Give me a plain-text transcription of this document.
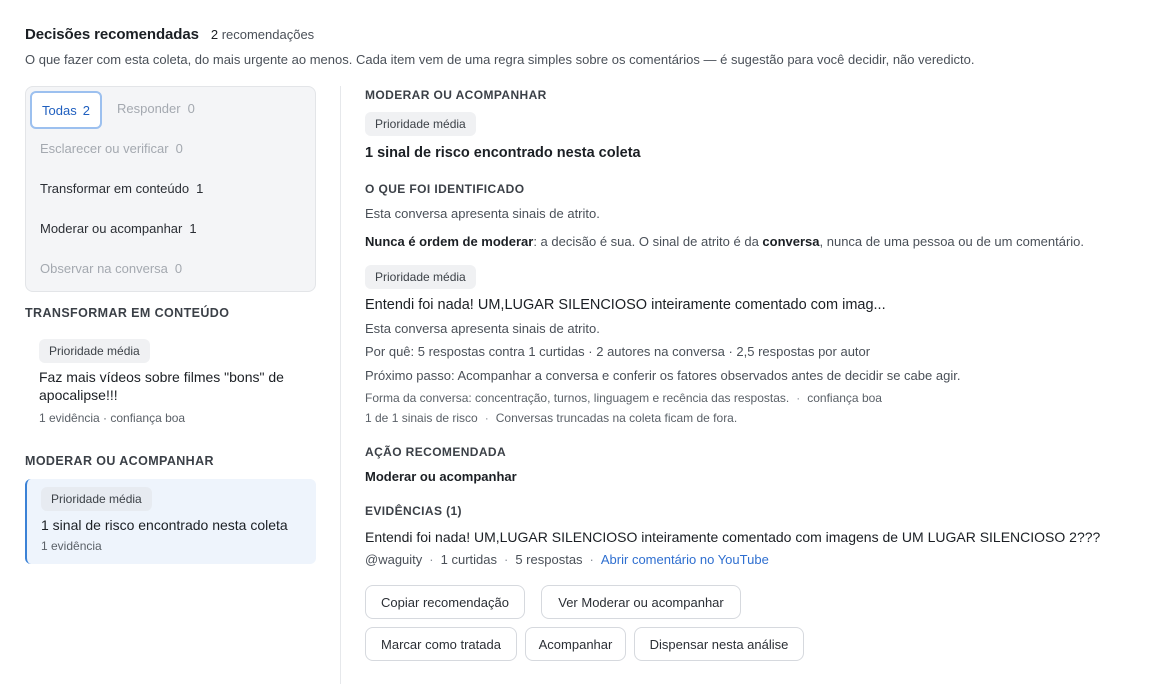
Decisões recomendadas 2 recomendações
O que fazer com esta coleta, do mais urgente ao menos. Cada item vem de uma regra simples sobre os comentários — é sugestão para você decidir, não veredicto.
Todas 2 Responder 0
Esclarecer ou verificar 0
Transformar em conteúdo 1
Moderar ou acompanhar 1
Observar na conversa 0
TRANSFORMAR EM CONTEÚDO
Prioridade média
Faz mais vídeos sobre filmes "bons" de apocalipse!!!
1 evidência · confiança boa
MODERAR OU ACOMPANHAR
Prioridade média
1 sinal de risco encontrado nesta coleta
1 evidência
MODERAR OU ACOMPANHAR
Prioridade média
1 sinal de risco encontrado nesta coleta
O QUE FOI IDENTIFICADO
Esta conversa apresenta sinais de atrito.
Nunca é ordem de moderar: a decisão é sua. O sinal de atrito é da conversa, nunca de uma pessoa ou de um comentário.
Prioridade média
Entendi foi nada! UM,LUGAR SILENCIOSO inteiramente comentado com imag...
Esta conversa apresenta sinais de atrito.
Por quê: 5 respostas contra 1 curtidas · 2 autores na conversa · 2,5 respostas por autor
Próximo passo: Acompanhar a conversa e conferir os fatores observados antes de decidir se cabe agir.
Forma da conversa: concentração, turnos, linguagem e recência das respostas. · confiança boa
1 de 1 sinais de risco · Conversas truncadas na coleta ficam de fora.
AÇÃO RECOMENDADA
Moderar ou acompanhar
EVIDÊNCIAS (1)
Entendi foi nada! UM,LUGAR SILENCIOSO inteiramente comentado com imagens de UM LUGAR SILENCIOSO 2???
@waguity · 1 curtidas · 5 respostas · Abrir comentário no YouTube
Copiar recomendação	Ver Moderar ou acompanhar
Marcar como tratada	Acompanhar	Dispensar nesta análise
